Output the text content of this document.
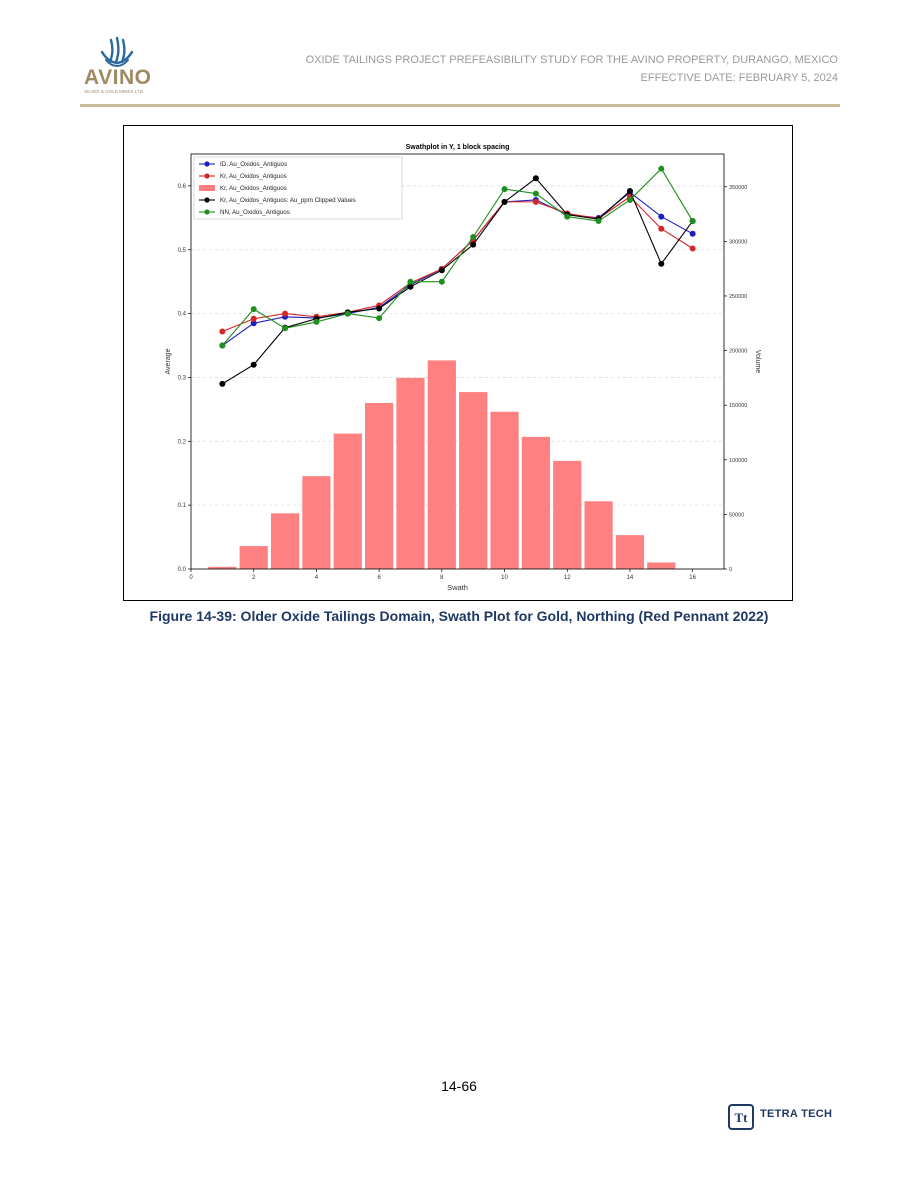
AVINO
SILVER & GOLD MINES LTD.
OXIDE TAILINGS PROJECT PREFEASIBILITY STUDY FOR THE AVINO PROPERTY, DURANGO, MEXICO
EFFECTIVE DATE: FEBRUARY 5, 2024
0	2	4	6	8	10	12	14	16
0.0
0.1
0.2
0.3
0.4
0.5
0.6
0
50000
100000
150000
200000
250000
300000
350000
Swathplot in Y, 1 block spacing
Swath
Average	Volume
ID, Au_Oxidos_Antiguos
Kr, Au_Oxidos_Antiguos
Kr, Au_Oxidos_Antiguos
Kr, Au_Oxidos_Antiguos: Au_ppm Clipped Values
NN, Au_Oxidos_Antiguos
Figure 14-39: Older Oxide Tailings Domain, Swath Plot for Gold, Northing (Red Pennant 2022)
14-66
Tt TETRA TECH
